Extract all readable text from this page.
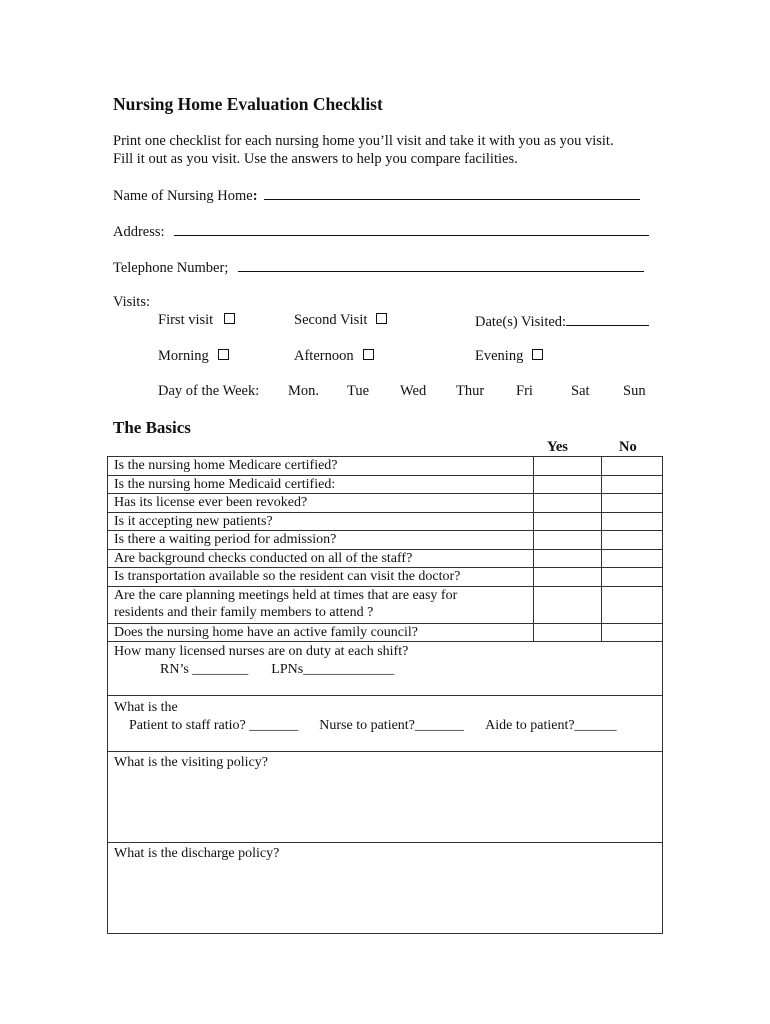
Nursing Home Evaluation Checklist
Print one checklist for each nursing home you’ll visit and take it with you as you visit.
Fill it out as you visit. Use the answers to help you compare facilities.
Name of Nursing Home:
Address:
Telephone Number;
Visits:
First visit	Second Visit	Date(s) Visited:
Morning	Afternoon	Evening
Day of the Week: Mon. Tue Wed Thur Fri	Sat Sun
The Basics
Yes	No
Is the nursing home Medicare certified?		
Is the nursing home Medicaid certified:		
Has its license ever been revoked?		
Is it accepting new patients?		
Is there a waiting period for admission?		
Are background checks conducted on all of the staff?		
Is transportation available so the resident can visit the doctor?		

Are the care planning meetings held at times that are easy for
residents and their family members to attend ?		

Does the nursing home have an active family council?		

How many licensed nurses are on duty at each shift?
RN’s ________ LPNs_____________		

What is the
Patient to staff ratio? _______ Nurse to patient?_______ Aide to patient?______		

What is the visiting policy?		

What is the discharge policy?		
